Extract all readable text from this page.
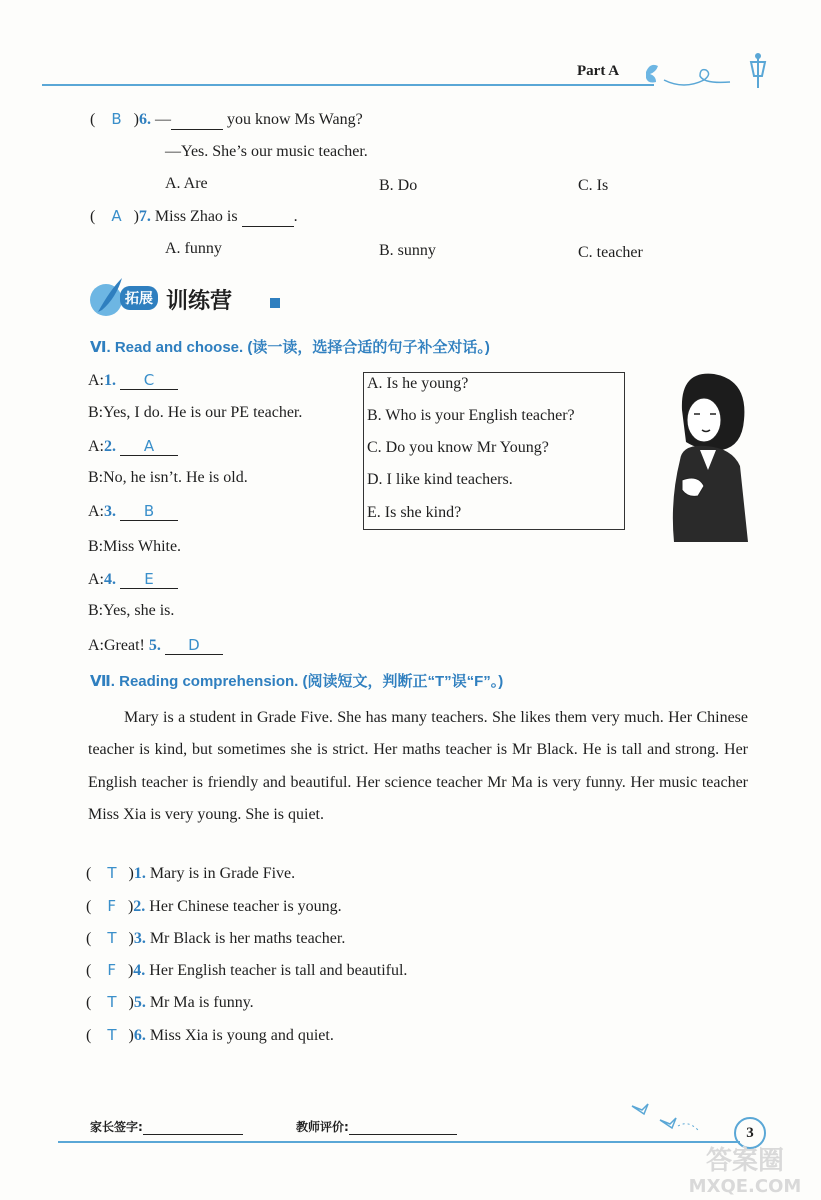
Part A
( B )6. —	you know Ms Wang?
—Yes. She’s our music teacher.
A. Are	B. Do	C. Is
( A )7. Miss Zhao is	.
A. funny	B. sunny	C. teacher
拓展 训练营
Ⅵ. Read and choose. (读一读，选择合适的句子补全对话。)
A:1. C
B:Yes, I do. He is our PE teacher.
A:2. A
B:No, he isn’t. He is old.
A:3. B
B:Miss White.
A:4. E
B:Yes, she is.
A:Great! 5. D
A. Is he young?
B. Who is your English teacher?
C. Do you know Mr Young?
D. I like kind teachers.
E. Is she kind?
Ⅶ. Reading comprehension. (阅读短文，判断正“T”误“F”。)
Mary is a student in Grade Five. She has many teachers. She likes them very much. Her Chinese teacher is kind, but sometimes she is strict. Her maths teacher is Mr Black. He is tall and strong. Her English teacher is friendly and beautiful. Her science teacher Mr Ma is very funny. Her music teacher Miss Xia is very young. She is quiet.
( T )1. Mary is in Grade Five.
( F )2. Her Chinese teacher is young.
( T )3. Mr Black is her maths teacher.
( F )4. Her English teacher is tall and beautiful.
( T )5. Mr Ma is funny.
( T )6. Miss Xia is young and quiet.
家长签字:	教师评价:	3
答案圈
MXQE.COM
